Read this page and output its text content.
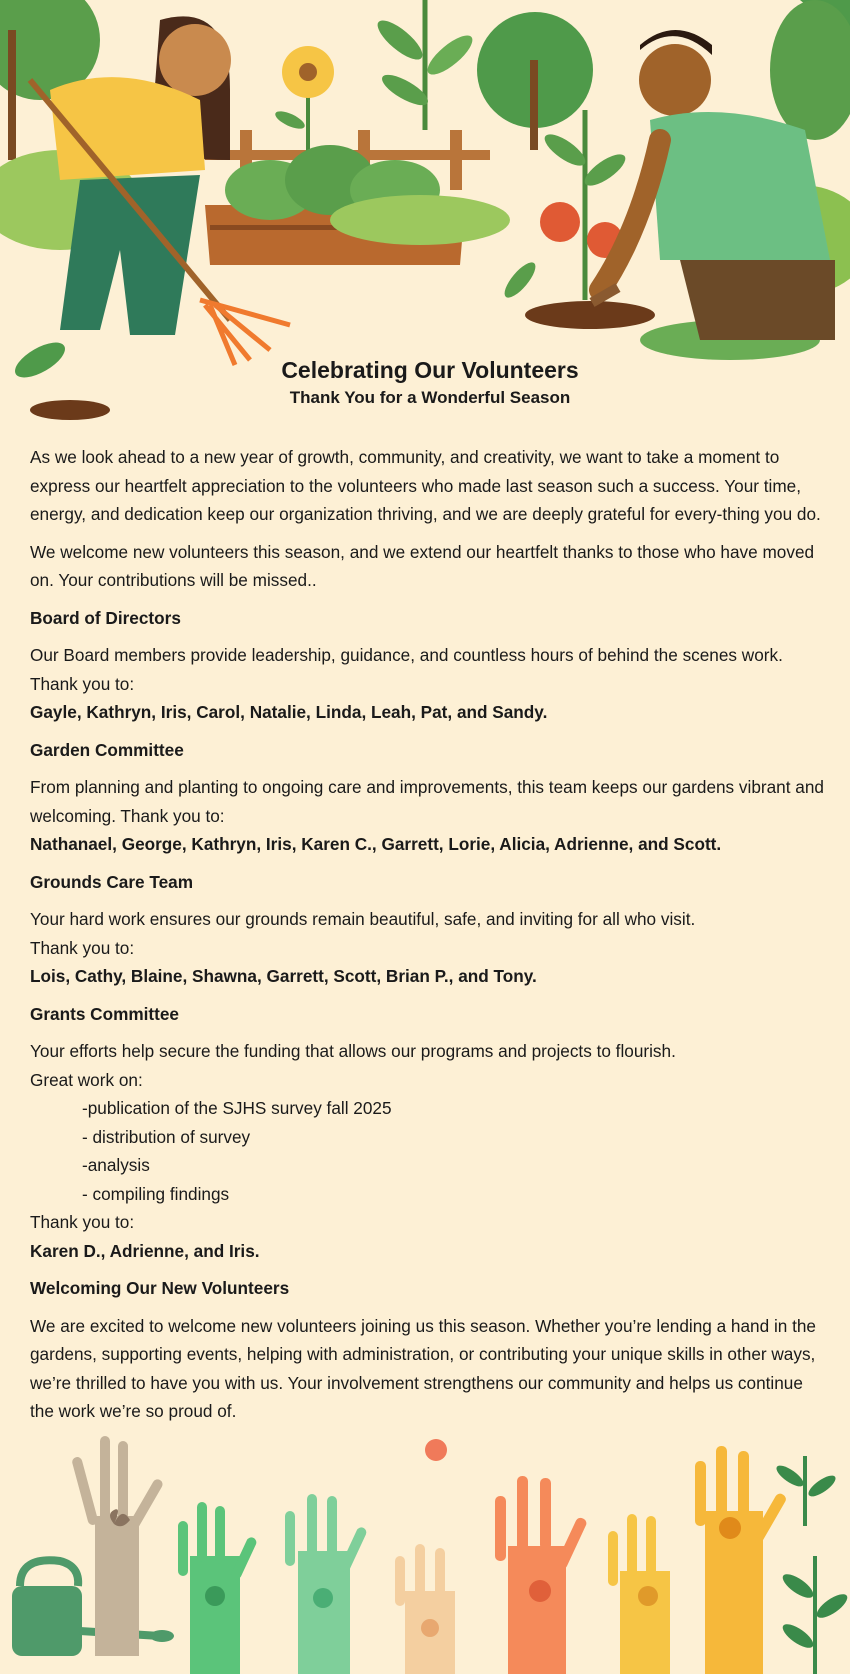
Celebrating Our Volunteers

Thank You for a Wonderful Season

As we look ahead to a new year of growth, community, and creativity, we want to take a moment to express our heartfelt appreciation to the volunteers who made last season such a success. Your time, energy, and dedication keep our organization thriving, and we are deeply grateful for every-thing you do.

We welcome new volunteers this season, and we extend our heartfelt thanks to those who have moved on. Your contributions will be missed..

Board of Directors

Our Board members provide leadership, guidance, and countless hours of behind the scenes work.

Thank you to:

Gayle, Kathryn, Iris, Carol, Natalie, Linda, Leah, Pat, and Sandy.

Garden Committee

From planning and planting to ongoing care and improvements, this team keeps our gardens vibrant and welcoming. Thank you to:

Nathanael, George, Kathryn, Iris, Karen C., Garrett, Lorie, Alicia, Adrienne, and Scott.

Grounds Care Team

Your hard work ensures our grounds remain beautiful, safe, and inviting for all who visit.

Thank you to:

Lois, Cathy, Blaine, Shawna, Garrett, Scott, Brian P., and Tony.

Grants Committee

Your efforts help secure the funding that allows our programs and projects to flourish.

Great work on:

-publication of the SJHS survey fall 2025

- distribution of survey

-analysis

- compiling findings

Thank you to:

Karen D., Adrienne, and Iris.

Welcoming Our New Volunteers

We are excited to welcome new volunteers joining us this season. Whether you’re lending a hand in the gardens, supporting events, helping with administration, or contributing your unique skills in other ways, we’re thrilled to have you with us. Your involvement strengthens our community and helps us continue the work we’re so proud of.
